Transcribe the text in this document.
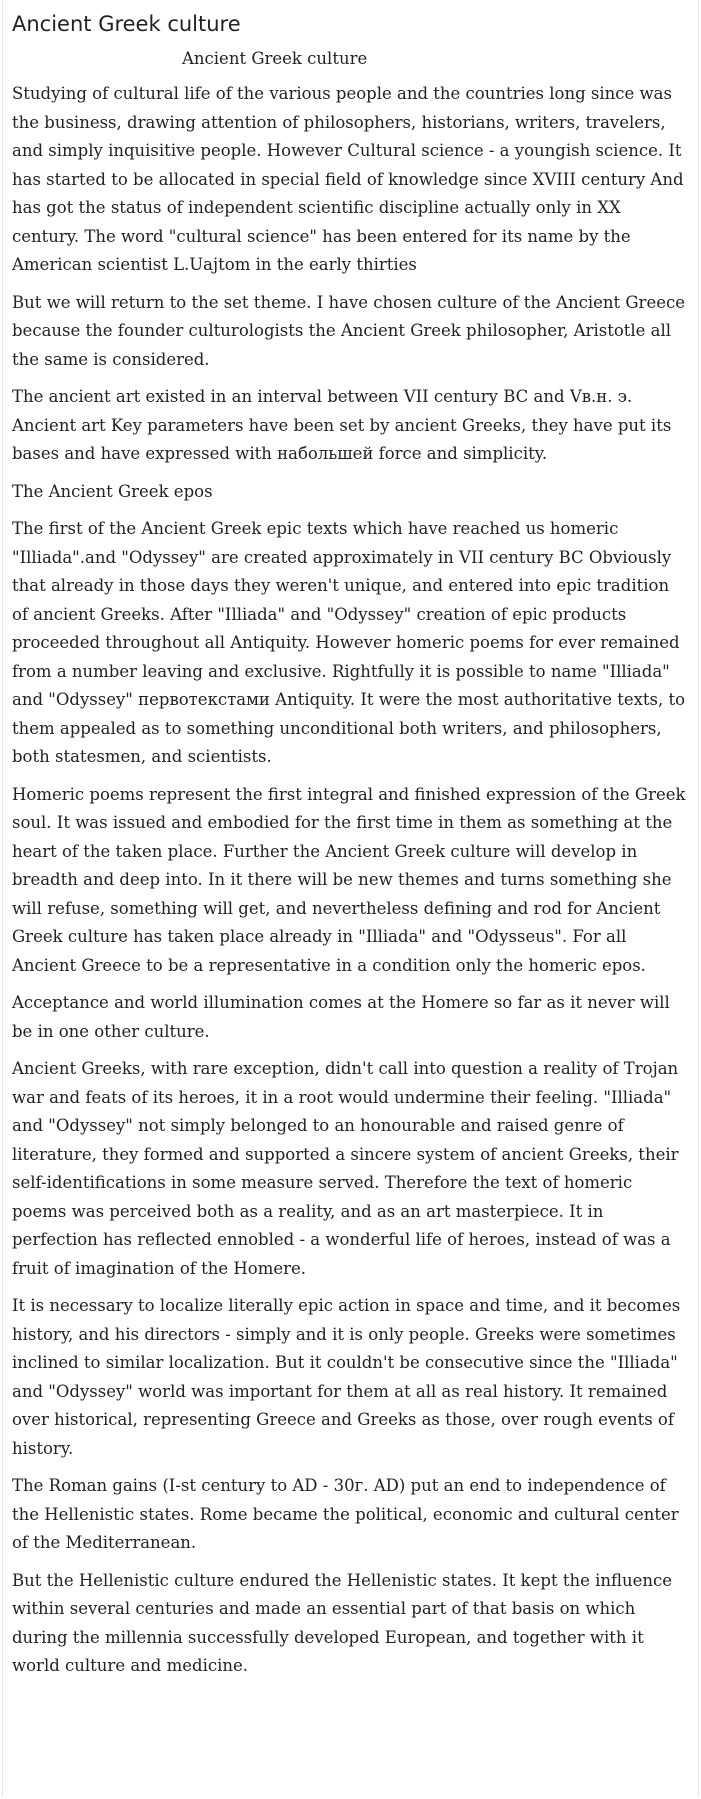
Ancient Greek culture
Ancient Greek culture

Studying of cultural life of the various people and the countries long since was the business, drawing attention of philosophers, historians, writers, travelers, and simply inquisitive people. However Cultural science - a youngish science. It has started to be allocated in special field of knowledge since XVIII century And has got the status of independent scientific discipline actually only in XX century. The word "cultural science" has been entered for its name by the American scientist L.Uajtom in the early thirties

But we will return to the set theme. I have chosen culture of the Ancient Greece because the founder culturologists the Ancient Greek philosopher, Aristotle all the same is considered.

The ancient art existed in an interval between VII century BC and Vв.н. э. Ancient art Key parameters have been set by ancient Greeks, they have put its bases and have expressed with набольшей force and simplicity.

The Ancient Greek epos

The first of the Ancient Greek epic texts which have reached us homeric "Illiada".and "Odyssey" are created approximately in VII century BC Obviously that already in those days they weren't unique, and entered into epic tradition of ancient Greeks. After "Illiada" and "Odyssey" creation of epic products proceeded throughout all Antiquity. However homeric poems for ever remained from a number leaving and exclusive. Rightfully it is possible to name "Illiada" and "Odyssey" первотекстами Antiquity. It were the most authoritative texts, to them appealed as to something unconditional both writers, and philosophers, both statesmen, and scientists.

Homeric poems represent the first integral and finished expression of the Greek soul. It was issued and embodied for the first time in them as something at the heart of the taken place. Further the Ancient Greek culture will develop in breadth and deep into. In it there will be new themes and turns something she will refuse, something will get, and nevertheless defining and rod for Ancient Greek culture has taken place already in "Illiada" and "Odysseus". For all Ancient Greece to be a representative in a condition only the homeric epos.

Acceptance and world illumination comes at the Homere so far as it never will be in one other culture.

Ancient Greeks, with rare exception, didn't call into question a reality of Trojan war and feats of its heroes, it in a root would undermine their feeling. "Illiada" and "Odyssey" not simply belonged to an honourable and raised genre of literature, they formed and supported a sincere system of ancient Greeks, their self-identifications in some measure served. Therefore the text of homeric poems was perceived both as a reality, and as an art masterpiece. It in perfection has reflected ennobled - a wonderful life of heroes, instead of was a fruit of imagination of the Homere.

It is necessary to localize literally epic action in space and time, and it becomes history, and his directors - simply and it is only people. Greeks were sometimes inclined to similar localization. But it couldn't be consecutive since the "Illiada" and "Odyssey" world was important for them at all as real history. It remained over historical, representing Greece and Greeks as those, over rough events of history.

The Roman gains (I-st century to AD - 30г. AD) put an end to independence of the Hellenistic states. Rome became the political, economic and cultural center of the Mediterranean.

But the Hellenistic culture endured the Hellenistic states. It kept the influence within several centuries and made an essential part of that basis on which during the millennia successfully developed European, and together with it world culture and medicine.
